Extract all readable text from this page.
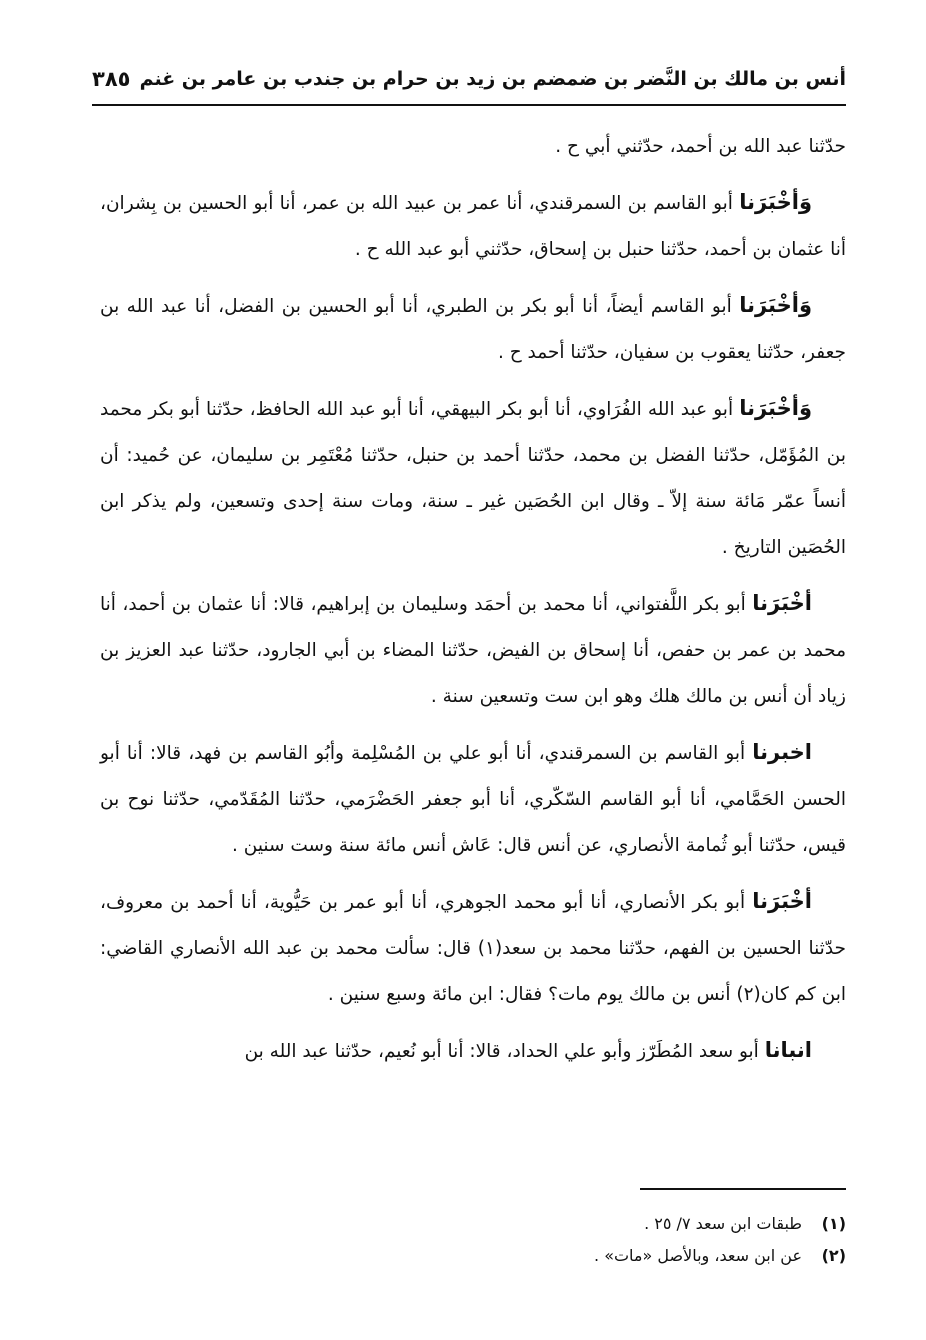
أنس بن مالك بن النَّضر بن ضمضم بن زيد بن حرام بن جندب بن عامر بن غنم
٣٨٥

حدّثنا عبد الله بن أحمد، حدّثني أبي ح .

وَأخْبَرَنا أبو القاسم بن السمرقندي، أنا عمر بن عبيد الله بن عمر، أنا أبو الحسين بن بِشران، أنا عثمان بن أحمد، حدّثنا حنبل بن إسحاق، حدّثني أبو عبد الله ح .

وَأخْبَرَنا أبو القاسم أيضاً، أنا أبو بكر بن الطبري، أنا أبو الحسين بن الفضل، أنا عبد الله بن جعفر، حدّثنا يعقوب بن سفيان، حدّثنا أحمد ح .

وَأخْبَرَنا أبو عبد الله الفُرَاوي، أنا أبو بكر البيهقي، أنا أبو عبد الله الحافظ، حدّثنا أبو بكر محمد بن المُؤَمّل، حدّثنا الفضل بن محمد، حدّثنا أحمد بن حنبل، حدّثنا مُعْتَمِر بن سليمان، عن حُميد: أن أنساً عمّر مَائة سنة إلاّ ـ وقال ابن الحُصَين غير ـ سنة، ومات سنة إحدى وتسعين، ولم يذكر ابن الحُصَين التاريخ .

أخْبَرَنا أبو بكر اللَّفتواني، أنا محمد بن أحمَد وسليمان بن إبراهيم، قالا: أنا عثمان بن أحمد، أنا محمد بن عمر بن حفص، أنا إسحاق بن الفيض، حدّثنا المضاء بن أبي الجارود، حدّثنا عبد العزيز بن زياد أن أنس بن مالك هلك وهو ابن ست وتسعين سنة .

اخبرنا أبو القاسم بن السمرقندي، أنا أبو علي بن المُسْلِمة وأبُو القاسم بن فهد، قالا: أنا أبو الحسن الحَمَّامي، أنا أبو القاسم السّكّري، أنا أبو جعفر الحَضْرَمي، حدّثنا المُقَدّمي، حدّثنا نوح بن قيس، حدّثنا أبو ثُمامة الأنصاري، عن أنس قال: عَاش أنس مائة سنة وست سنين .

أخْبَرَنا أبو بكر الأنصاري، أنا أبو محمد الجوهري، أنا أبو عمر بن حَيُّوية، أنا أحمد بن معروف، حدّثنا الحسين بن الفهم، حدّثنا محمد بن سعد(١) قال: سألت محمد بن عبد الله الأنصاري القاضي: ابن كم كان(٢) أنس بن مالك يوم مات؟ فقال: ابن مائة وسبع سنين .

انبانا أبو سعد المُطَرّز وأبو علي الحداد، قالا: أنا أبو نُعيم، حدّثنا عبد الله بن

(١)
طبقات ابن سعد ٧/ ٢٥ .
(٢)
عن ابن سعد، وبالأصل «مات» .
